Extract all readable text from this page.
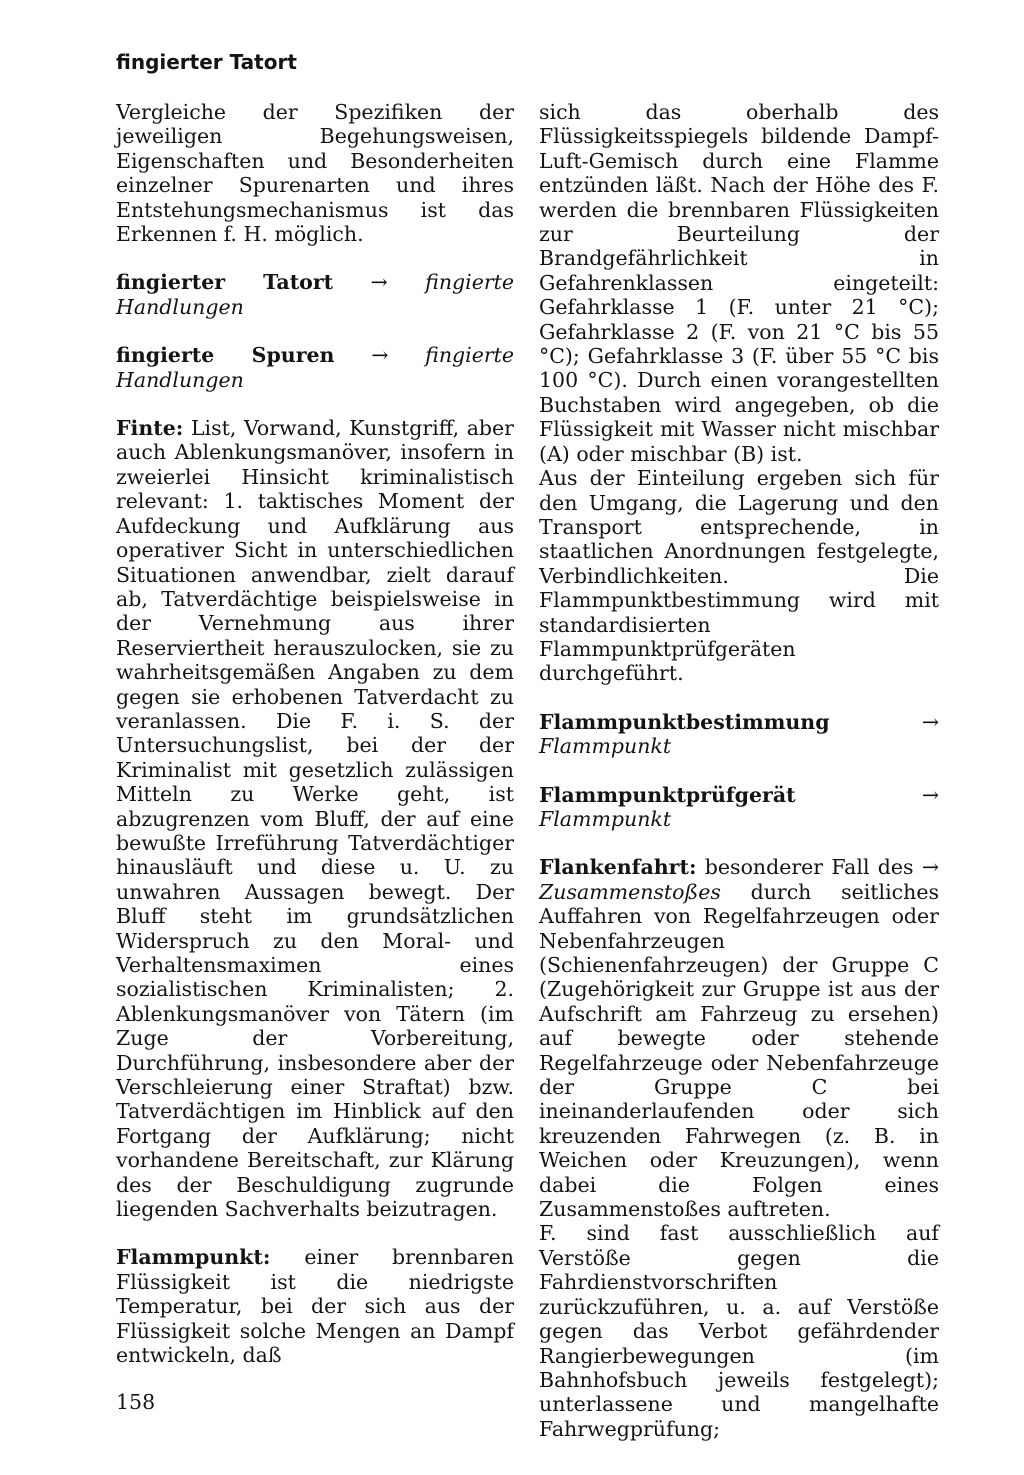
fingierter Tatort

Vergleiche der Spezifiken der jeweiligen Begehungsweisen, Eigenschaften und Besonderheiten einzelner Spurenarten und ihres Entstehungsmechanismus ist das Erkennen f. H. möglich.

fingierter Tatort → fingierte Handlungen

fingierte Spuren → fingierte Handlungen

Finte: List, Vorwand, Kunstgriff, aber auch Ablenkungsmanöver, insofern in zweierlei Hinsicht kriminalistisch relevant: 1. taktisches Moment der Aufdeckung und Aufklärung aus operativer Sicht in unterschiedlichen Situationen anwendbar, zielt darauf ab, Tatverdächtige beispielsweise in der Vernehmung aus ihrer Reserviertheit herauszulocken, sie zu wahrheitsgemäßen Angaben zu dem gegen sie erhobenen Tatverdacht zu veranlassen. Die F. i. S. der Untersuchungslist, bei der der Kriminalist mit gesetzlich zulässigen Mitteln zu Werke geht, ist abzugrenzen vom Bluff, der auf eine bewußte Irreführung Tatverdächtiger hinausläuft und diese u. U. zu unwahren Aussagen bewegt. Der Bluff steht im grundsätzlichen Widerspruch zu den Moral- und Verhaltensmaximen eines sozialistischen Kriminalisten; 2. Ablenkungsmanöver von Tätern (im Zuge der Vorbereitung, Durchführung, insbesondere aber der Verschleierung einer Straftat) bzw. Tatverdächtigen im Hinblick auf den Fortgang der Aufklärung; nicht vorhandene Bereitschaft, zur Klärung des der Beschuldigung zugrunde liegenden Sachverhalts beizutragen.

Flammpunkt: einer brennbaren Flüssigkeit ist die niedrigste Temperatur, bei der sich aus der Flüssigkeit solche Mengen an Dampf entwickeln, daß

sich das oberhalb des Flüssigkeitsspiegels bildende Dampf-Luft-Gemisch durch eine Flamme entzünden läßt. Nach der Höhe des F. werden die brennbaren Flüssigkeiten zur Beurteilung der Brandgefährlichkeit in Gefahrenklassen eingeteilt: Gefahrklasse 1 (F. unter 21 °C); Gefahrklasse 2 (F. von 21 °C bis 55 °C); Gefahrklasse 3 (F. über 55 °C bis 100 °C). Durch einen vorangestellten Buchstaben wird angegeben, ob die Flüssigkeit mit Wasser nicht mischbar (A) oder mischbar (B) ist.

Aus der Einteilung ergeben sich für den Umgang, die Lagerung und den Transport entsprechende, in staatlichen Anordnungen festgelegte, Verbindlichkeiten. Die Flammpunktbestimmung wird mit standardisierten Flammpunktprüfgeräten durchgeführt.

Flammpunktbestimmung	→ Flammpunkt

Flammpunktprüfgerät	→ Flammpunkt

Flankenfahrt: besonderer Fall des → Zusammenstoßes durch seitliches Auffahren von Regelfahrzeugen oder Nebenfahrzeugen (Schienenfahrzeugen) der Gruppe C (Zugehörigkeit zur Gruppe ist aus der Aufschrift am Fahrzeug zu ersehen) auf bewegte oder stehende Regelfahrzeuge oder Nebenfahrzeuge der Gruppe C bei ineinanderlaufenden oder sich kreuzenden Fahrwegen (z. B. in Weichen oder Kreuzungen), wenn dabei die Folgen eines Zusammenstoßes auftreten.

F. sind fast ausschließlich auf Verstöße gegen die Fahrdienstvorschriften zurückzuführen, u. a. auf Verstöße gegen das Verbot gefährdender Rangierbewegungen (im Bahnhofsbuch jeweils festgelegt); unterlassene und mangelhafte Fahrwegprüfung;

158
